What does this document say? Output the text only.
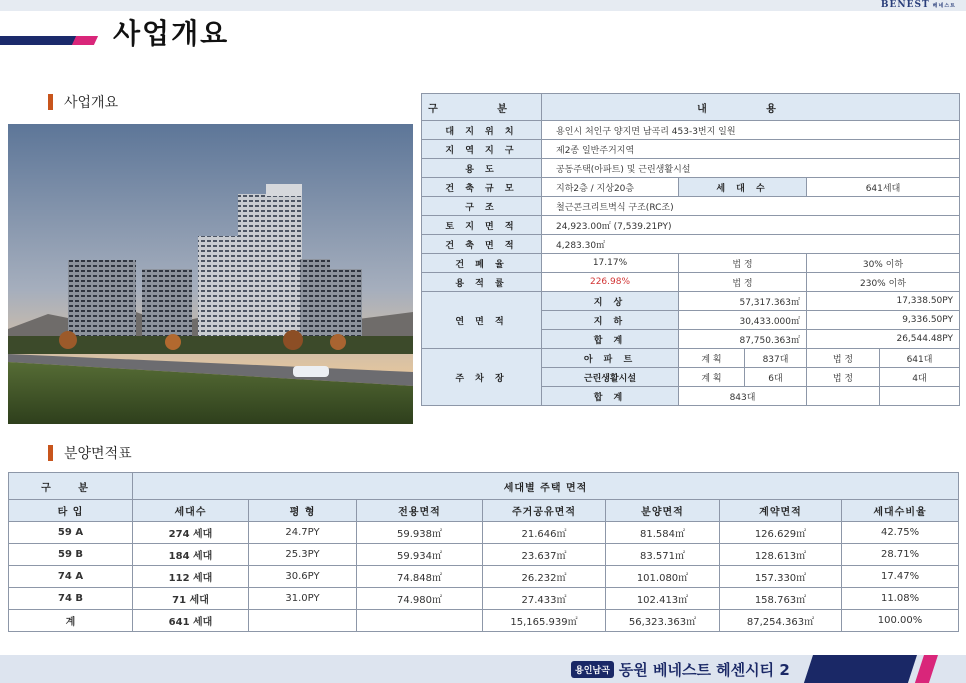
BENEST 베네스트
사업개요
사업개요	구 분	내 용				
대 지 위 치	용인시 처인구 양지면 남곡리 453-3번지 일원				
지 역 지 구	제2종 일반주거지역				
용 도	공동주택(아파트) 및 근린생활시설				
건 축 규 모	지하2층 / 지상20층	세 대 수		641세대	
구 조	철근콘크리트벽식 구조(RC조)				
토 지 면 적	24,923.00㎡ (7,539.21PY)				
건 축 면 적	4,283.30㎡				
건 폐 율	17.17%	법 정		30% 이하	
용 적 률	226.98%	법 정		230% 이하	
연 면 적	지 상	57,317.363㎡		17,338.50PY	
	지 하	30,433.000㎡		9,336.50PY	
	합 계	87,750.363㎡		26,544.48PY	
주 차 장	아 파 트	계 획	837대	법 정	641대
	근린생활시설	계 획	6대	법 정	4대
	합 계	843대			
분양면적표
구 분	세대별 주택 면적						
타 입	세대수	평 형	전용면적	주거공유면적	분양면적	계약면적	세대수비율
59 A	274 세대	24.7PY	59.938㎡	21.646㎡	81.584㎡	126.629㎡	42.75%
59 B	184 세대	25.3PY	59.934㎡	23.637㎡	83.571㎡	128.613㎡	28.71%
74 A	112 세대	30.6PY	74.848㎡	26.232㎡	101.080㎡	157.330㎡	17.47%
74 B	71 세대	31.0PY	74.980㎡	27.433㎡	102.413㎡	158.763㎡	11.08%
계	641 세대			15,165.939㎡	56,323.363㎡	87,254.363㎡	100.00%
용인남곡 동원 베네스트 헤센시티 2
